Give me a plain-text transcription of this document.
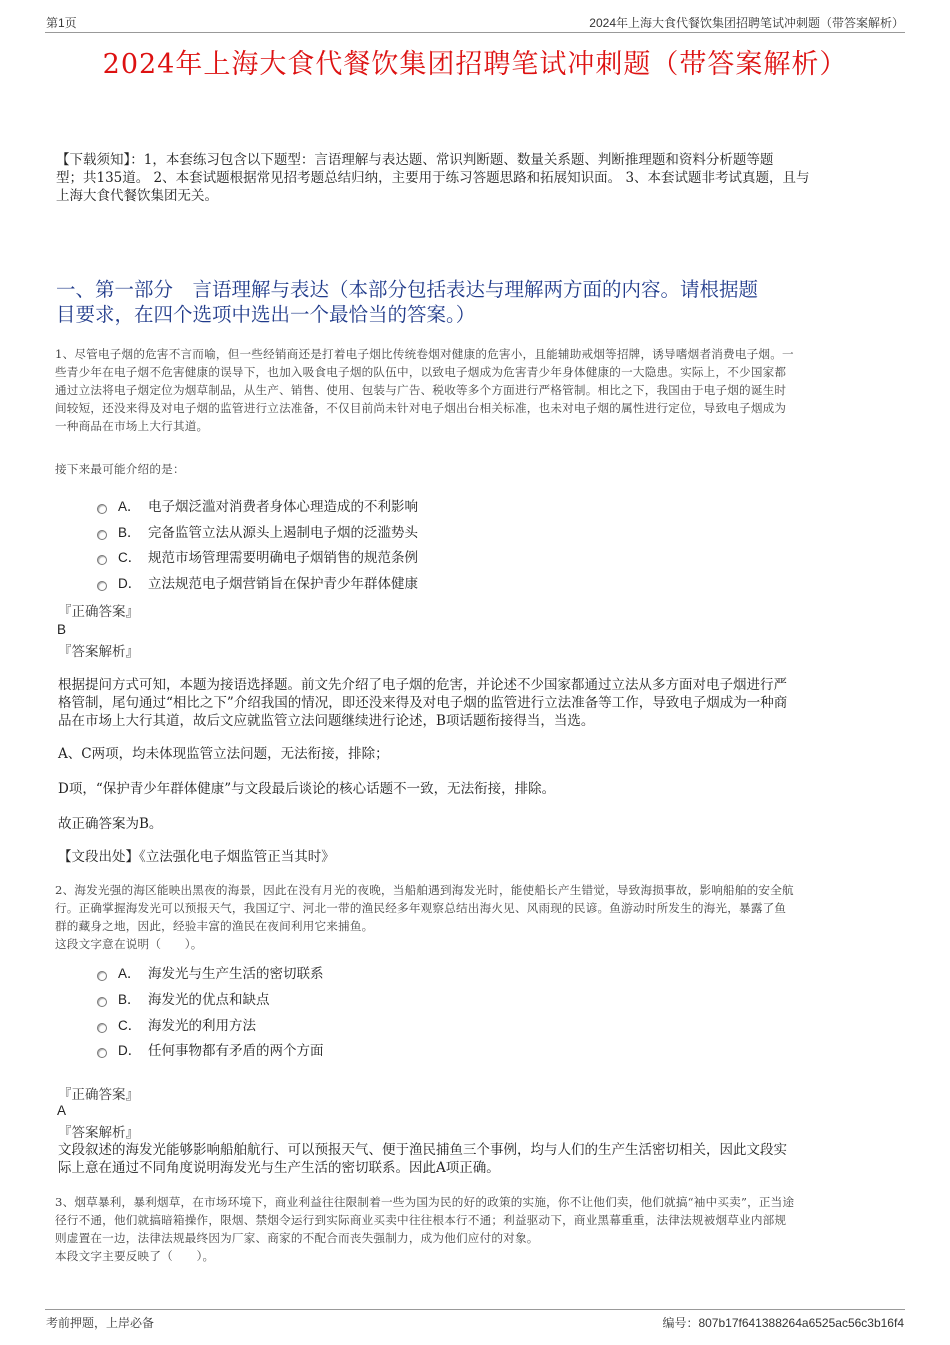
第1页	2024年上海大食代餐饮集团招聘笔试冲刺题（带答案解析）
2024年上海大食代餐饮集团招聘笔试冲刺题（带答案解析）
【下载须知】：1，本套练习包含以下题型：言语理解与表达题、常识判断题、数量关系题、判断推理题和资料分析题等题
型；共135道。 2、本套试题根据常见招考题总结归纳，主要用于练习答题思路和拓展知识面。 3、本套试题非考试真题，且与
上海大食代餐饮集团无关。
一、第一部分　言语理解与表达（本部分包括表达与理解两方面的内容。请根据题
目要求，在四个选项中选出一个最恰当的答案。）
1、尽管电子烟的危害不言而喻，但一些经销商还是打着电子烟比传统卷烟对健康的危害小，且能辅助戒烟等招牌，诱导嗜烟者消费电子烟。一
些青少年在电子烟不危害健康的误导下，也加入吸食电子烟的队伍中，以致电子烟成为危害青少年身体健康的一大隐患。实际上，不少国家都
通过立法将电子烟定位为烟草制品，从生产、销售、使用、包装与广告、税收等多个方面进行严格管制。相比之下，我国由于电子烟的诞生时
间较短，还没来得及对电子烟的监管进行立法准备，不仅目前尚未针对电子烟出台相关标准，也未对电子烟的属性进行定位，导致电子烟成为
一种商品在市场上大行其道。
接下来最可能介绍的是：
A． 电子烟泛滥对消费者身体心理造成的不利影响
B． 完备监管立法从源头上遏制电子烟的泛滥势头
C． 规范市场管理需要明确电子烟销售的规范条例
D． 立法规范电子烟营销旨在保护青少年群体健康
『正确答案』
B
『答案解析』
根据提问方式可知，本题为接语选择题。前文先介绍了电子烟的危害，并论述不少国家都通过立法从多方面对电子烟进行严
格管制，尾句通过“相比之下”介绍我国的情况，即还没来得及对电子烟的监管进行立法准备等工作，导致电子烟成为一种商
品在市场上大行其道，故后文应就监管立法问题继续进行论述，B项话题衔接得当，当选。
A、C两项，均未体现监管立法问题，无法衔接，排除；
D项，“保护青少年群体健康”与文段最后谈论的核心话题不一致，无法衔接，排除。
故正确答案为B。
【文段出处】《立法强化电子烟监管正当其时》
2、海发光强的海区能映出黑夜的海景，因此在没有月光的夜晚，当船舶遇到海发光时，能使船长产生错觉，导致海损事故，影响船舶的安全航
行。正确掌握海发光可以预报天气，我国辽宁、河北一带的渔民经多年观察总结出海火见、风雨现的民谚。鱼游动时所发生的海光，暴露了鱼
群的藏身之地，因此，经验丰富的渔民在夜间利用它来捕鱼。
这段文字意在说明（　　）。
A． 海发光与生产生活的密切联系
B． 海发光的优点和缺点
C． 海发光的利用方法
D． 任何事物都有矛盾的两个方面
『正确答案』
A
『答案解析』
文段叙述的海发光能够影响船舶航行、可以预报天气、便于渔民捕鱼三个事例，均与人们的生产生活密切相关，因此文段实
际上意在通过不同角度说明海发光与生产生活的密切联系。因此A项正确。
3、烟草暴利，暴利烟草，在市场环境下，商业利益往往限制着一些为国为民的好的政策的实施，你不让他们卖，他们就搞“袖中买卖”，正当途
径行不通，他们就搞暗箱操作，限烟、禁烟令运行到实际商业买卖中往往根本行不通；利益驱动下，商业黑幕重重，法律法规被烟草业内部规
则虚置在一边，法律法规最终因为厂家、商家的不配合而丧失强制力，成为他们应付的对象。
本段文字主要反映了（　　）。
考前押题，上岸必备	编号：807b17f641388264a6525ac56c3b16f4
